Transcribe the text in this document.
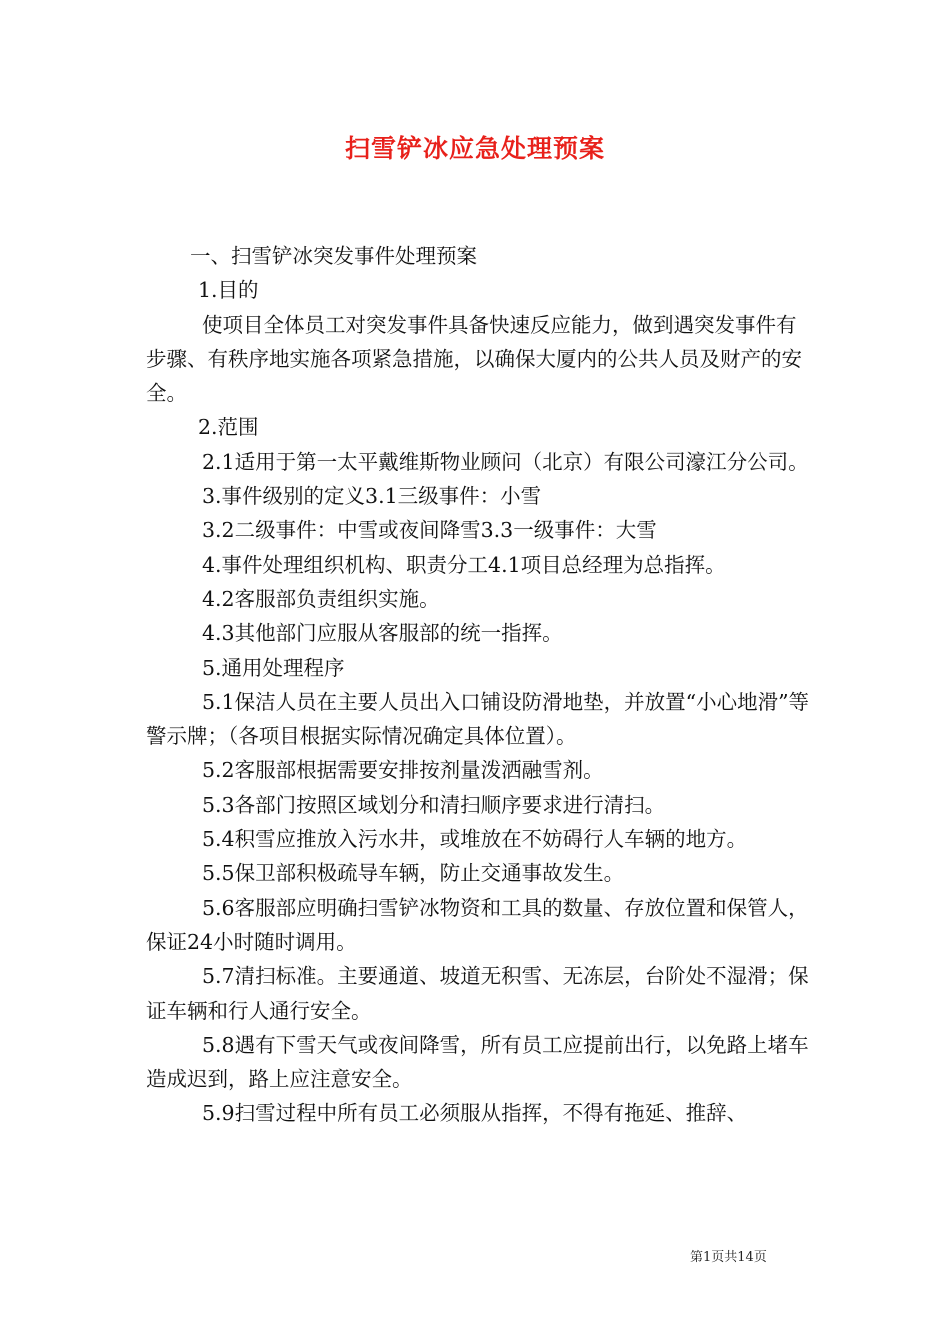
扫雪铲冰应急处理预案

一、扫雪铲冰突发事件处理预案

1.目的

使项目全体员工对突发事件具备快速反应能力，做到遇突发事件有步骤、有秩序地实施各项紧急措施，以确保大厦内的公共人员及财产的安全。

2.范围

2.1适用于第一太平戴维斯物业顾问（北京）有限公司濠江分公司。

3.事件级别的定义3.1三级事件：小雪

3.2二级事件：中雪或夜间降雪3.3一级事件：大雪

4.事件处理组织机构、职责分工4.1项目总经理为总指挥。

4.2客服部负责组织实施。

4.3其他部门应服从客服部的统一指挥。

5.通用处理程序

5.1保洁人员在主要人员出入口铺设防滑地垫，并放置“小心地滑”等警示牌；（各项目根据实际情况确定具体位置）。

5.2客服部根据需要安排按剂量泼洒融雪剂。

5.3各部门按照区域划分和清扫顺序要求进行清扫。

5.4积雪应推放入污水井，或堆放在不妨碍行人车辆的地方。

5.5保卫部积极疏导车辆，防止交通事故发生。

5.6客服部应明确扫雪铲冰物资和工具的数量、存放位置和保管人，保证24小时随时调用。

5.7清扫标准。主要通道、坡道无积雪、无冻层，台阶处不湿滑；保证车辆和行人通行安全。

5.8遇有下雪天气或夜间降雪，所有员工应提前出行，以免路上堵车造成迟到，路上应注意安全。

5.9扫雪过程中所有员工必须服从指挥，不得有拖延、推辞、

第1页共14页
